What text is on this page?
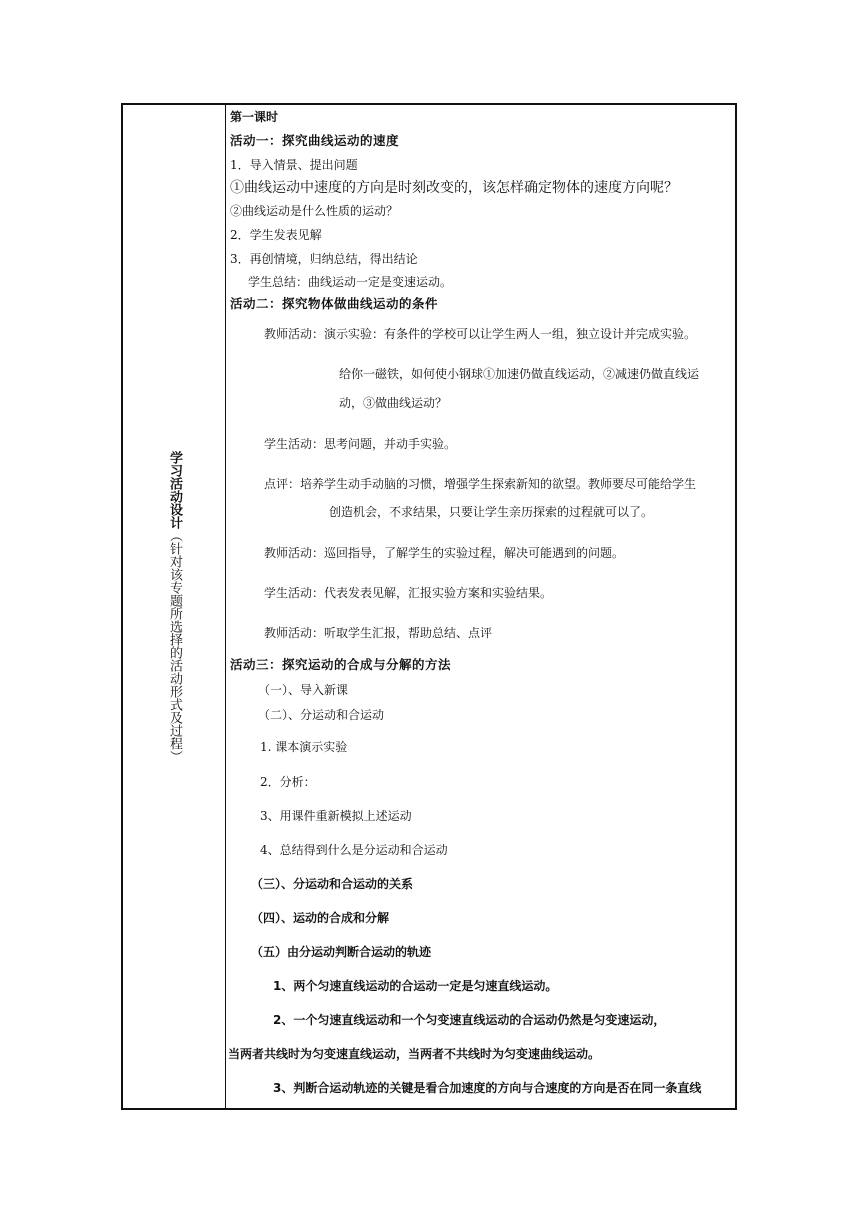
学习活动设计（针对该专题所选择的活动形式及过程）
第一课时
活动一：探究曲线运动的速度
1．导入情景、提出问题
①曲线运动中速度的方向是时刻改变的，该怎样确定物体的速度方向呢？
②曲线运动是什么性质的运动？
2．学生发表见解
3．再创情境，归纳总结，得出结论
学生总结：曲线运动一定是变速运动。
活动二：探究物体做曲线运动的条件
教师活动：演示实验：有条件的学校可以让学生两人一组，独立设计并完成实验。
给你一磁铁，如何使小钢球①加速仍做直线运动，②减速仍做直线运
动，③做曲线运动？
学生活动：思考问题，并动手实验。
点评：培养学生动手动脑的习惯，增强学生探索新知的欲望。教师要尽可能给学生
创造机会，不求结果，只要让学生亲历探索的过程就可以了。
教师活动：巡回指导，了解学生的实验过程，解决可能遇到的问题。
学生活动：代表发表见解，汇报实验方案和实验结果。
教师活动：听取学生汇报，帮助总结、点评
活动三：探究运动的合成与分解的方法
（一）、导入新课
（二）、分运动和合运动
1. 课本演示实验
2．分析：
3、用课件重新模拟上述运动
4、总结得到什么是分运动和合运动
（三）、分运动和合运动的关系
（四）、运动的合成和分解
（五）由分运动判断合运动的轨迹
1、两个匀速直线运动的合运动一定是匀速直线运动。
2、一个匀速直线运动和一个匀变速直线运动的合运动仍然是匀变速运动，
当两者共线时为匀变速直线运动，当两者不共线时为匀变速曲线运动。
3、判断合运动轨迹的关键是看合加速度的方向与合速度的方向是否在同一条直线
